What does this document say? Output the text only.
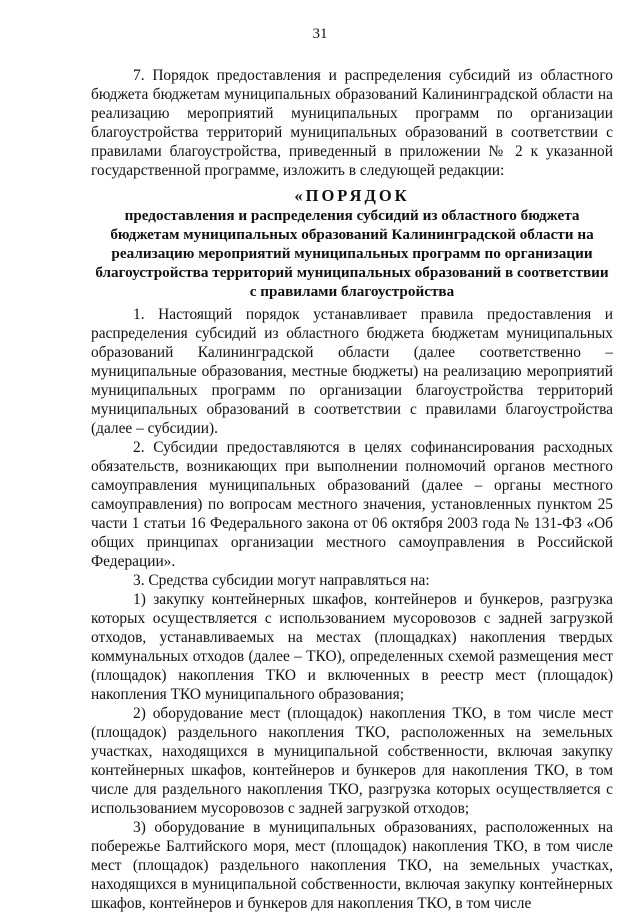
31

7. Порядок предоставления и распределения субсидий из областного бюджета бюджетам муниципальных образований Калининградской области на реализацию мероприятий муниципальных программ по организации благоустройства территорий муниципальных образований в соответствии с правилами благоустройства, приведенный в приложении № 2 к указанной государственной программе, изложить в следующей редакции:

«ПОРЯДОК

предоставления и распределения субсидий из областного бюджета бюджетам муниципальных образований Калининградской области на реализацию мероприятий муниципальных программ по организации благоустройства территорий муниципальных образований в соответствии с правилами благоустройства

1. Настоящий порядок устанавливает правила предоставления и распределения субсидий из областного бюджета бюджетам муниципальных образований Калининградской области (далее соответственно – муниципальные образования, местные бюджеты) на реализацию мероприятий муниципальных программ по организации благоустройства территорий муниципальных образований в соответствии с правилами благоустройства (далее – субсидии).

2. Субсидии предоставляются в целях софинансирования расходных обязательств, возникающих при выполнении полномочий органов местного самоуправления муниципальных образований (далее – органы местного самоуправления) по вопросам местного значения, установленных пунктом 25 части 1 статьи 16 Федерального закона от 06 октября 2003 года № 131-ФЗ «Об общих принципах организации местного самоуправления в Российской Федерации».

3. Средства субсидии могут направляться на:

1) закупку контейнерных шкафов, контейнеров и бункеров, разгрузка которых осуществляется с использованием мусоровозов с задней загрузкой отходов, устанавливаемых на местах (площадках) накопления твердых коммунальных отходов (далее – ТКО), определенных схемой размещения мест (площадок) накопления ТКО и включенных в реестр мест (площадок) накопления ТКО муниципального образования;

2) оборудование мест (площадок) накопления ТКО, в том числе мест (площадок) раздельного накопления ТКО, расположенных на земельных участках, находящихся в муниципальной собственности, включая закупку контейнерных шкафов, контейнеров и бункеров для накопления ТКО, в том числе для раздельного накопления ТКО, разгрузка которых осуществляется с использованием мусоровозов с задней загрузкой отходов;

3) оборудование в муниципальных образованиях, расположенных на побережье Балтийского моря, мест (площадок) накопления ТКО, в том числе мест (площадок) раздельного накопления ТКО, на земельных участках, находящихся в муниципальной собственности, включая закупку контейнерных шкафов, контейнеров и бункеров для накопления ТКО, в том числе
